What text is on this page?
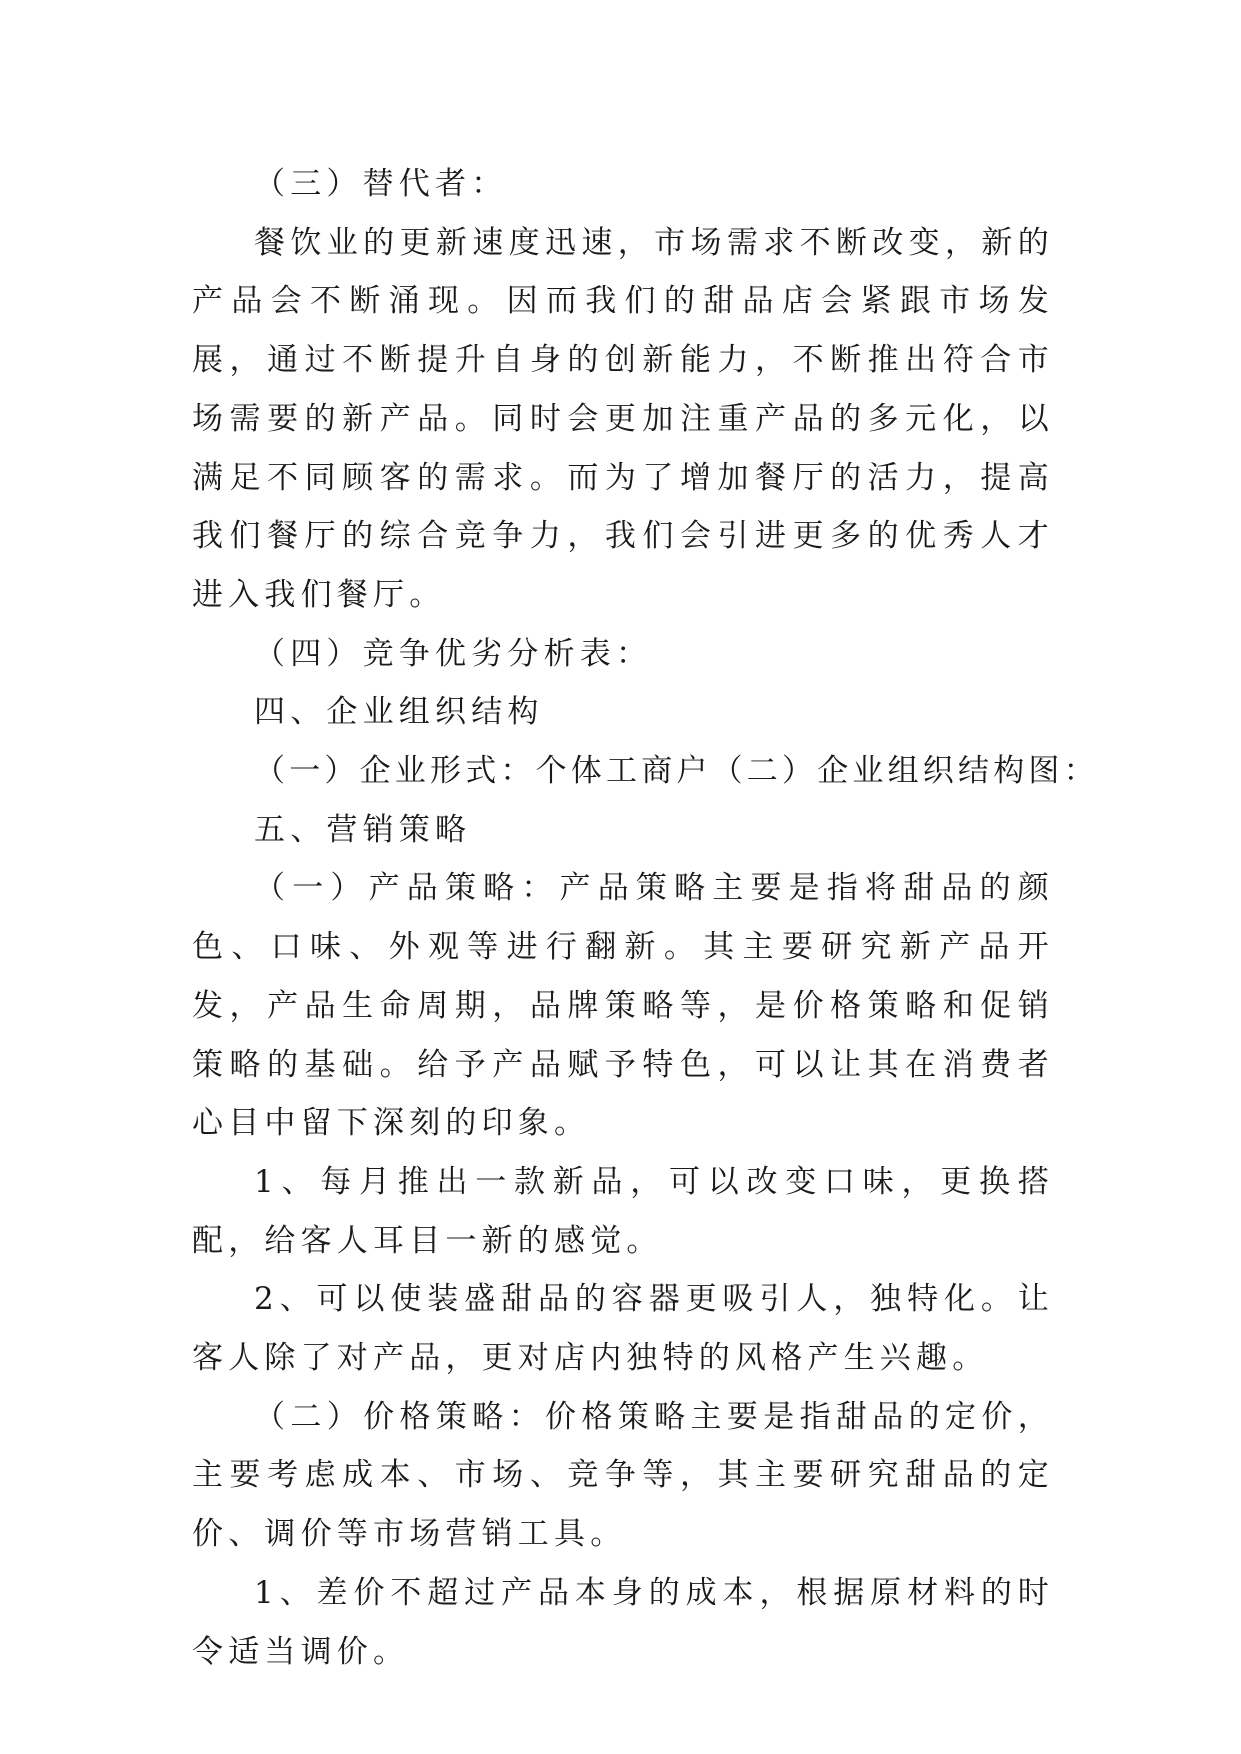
（三）替代者：

餐饮业的更新速度迅速，市场需求不断改变，新的产品会不断涌现。因而我们的甜品店会紧跟市场发展，通过不断提升自身的创新能力，不断推出符合市场需要的新产品。同时会更加注重产品的多元化，以满足不同顾客的需求。而为了增加餐厅的活力，提高我们餐厅的综合竞争力，我们会引进更多的优秀人才进入我们餐厅。

（四）竞争优劣分析表：

四、企业组织结构

（一）企业形式：个体工商户（二）企业组织结构图：

五、营销策略

（一）产品策略：产品策略主要是指将甜品的颜色、口味、外观等进行翻新。其主要研究新产品开发，产品生命周期，品牌策略等，是价格策略和促销策略的基础。给予产品赋予特色，可以让其在消费者心目中留下深刻的印象。

1、每月推出一款新品，可以改变口味，更换搭配，给客人耳目一新的感觉。

2、可以使装盛甜品的容器更吸引人，独特化。让客人除了对产品，更对店内独特的风格产生兴趣。

（二）价格策略：价格策略主要是指甜品的定价，主要考虑成本、市场、竞争等，其主要研究甜品的定价、调价等市场营销工具。

1、差价不超过产品本身的成本，根据原材料的时令适当调价。
